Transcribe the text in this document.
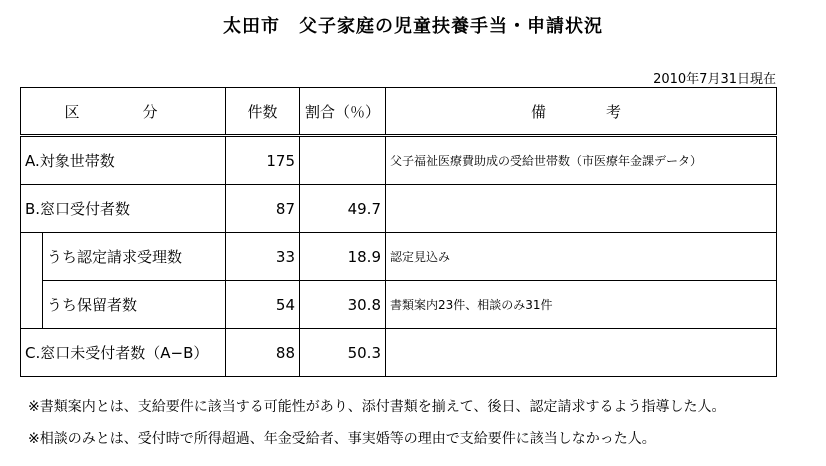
太田市　父子家庭の児童扶養手当・申請状況
2010年7月31日現在
区　分		件数	割合（％）	備　　考
A.対象世帯数		175		父子福祉医療費助成の受給世帯数（市医療年金課データ）
B.窓口受付者数		87	49.7	
	うち認定請求受理数	33	18.9	認定見込み
	うち保留者数	54	30.8	書類案内23件、相談のみ31件
C.窓口未受付者数（A−B）		88	50.3	
※書類案内とは、支給要件に該当する可能性があり、添付書類を揃えて、後日、認定請求するよう指導した人。
※相談のみとは、受付時で所得超過、年金受給者、事実婚等の理由で支給要件に該当しなかった人。
